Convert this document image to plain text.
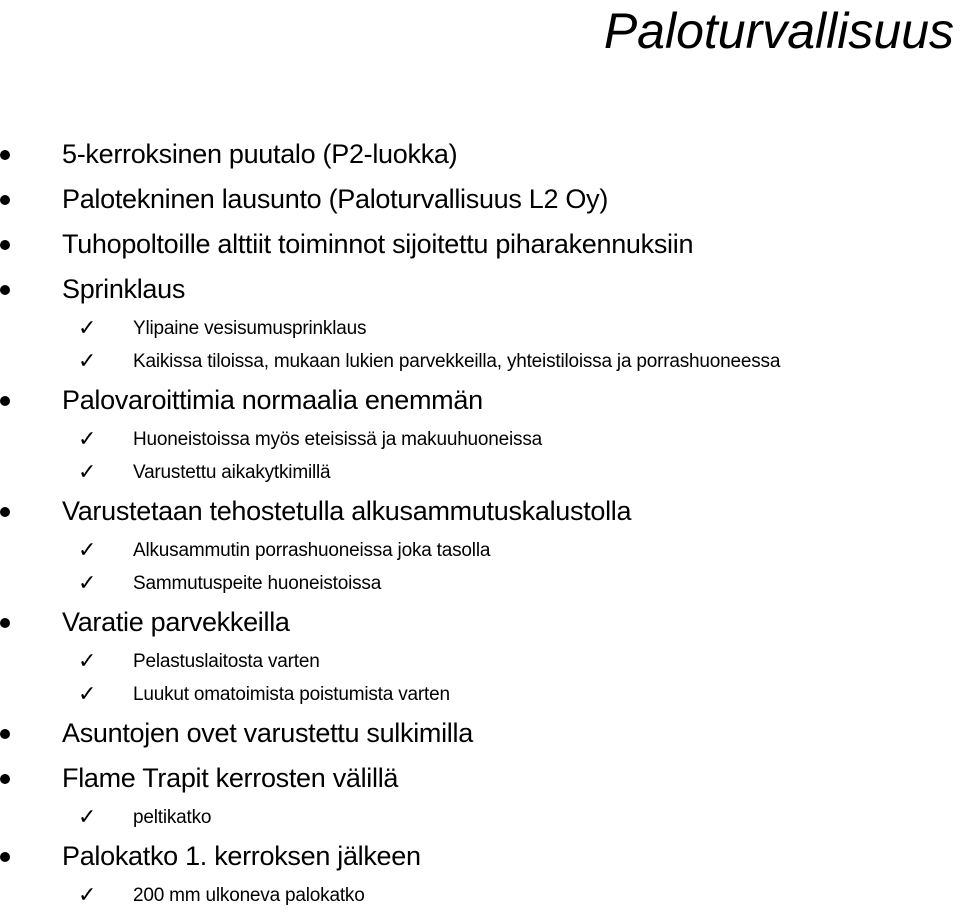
Paloturvallisuus
5-kerroksinen puutalo (P2-luokka)
Palotekninen lausunto (Paloturvallisuus L2 Oy)
Tuhopoltoille alttiit toiminnot sijoitettu piharakennuksiin
Sprinklaus
✓ Ylipaine vesisumusprinklaus
✓ Kaikissa tiloissa, mukaan lukien parvekkeilla, yhteistiloissa ja porrashuoneessa
Palovaroittimia normaalia enemmän
✓ Huoneistoissa myös eteisissä ja makuuhuoneissa
✓ Varustettu aikakytkimillä
Varustetaan tehostetulla alkusammutuskalustolla
✓ Alkusammutin porrashuoneissa joka tasolla
✓ Sammutuspeite huoneistoissa
Varatie parvekkeilla
✓ Pelastuslaitosta varten
✓ Luukut omatoimista poistumista varten
Asuntojen ovet varustettu sulkimilla
Flame Trapit kerrosten välillä
✓ peltikatko
Palokatko 1. kerroksen jälkeen
✓ 200 mm ulkoneva palokatko
